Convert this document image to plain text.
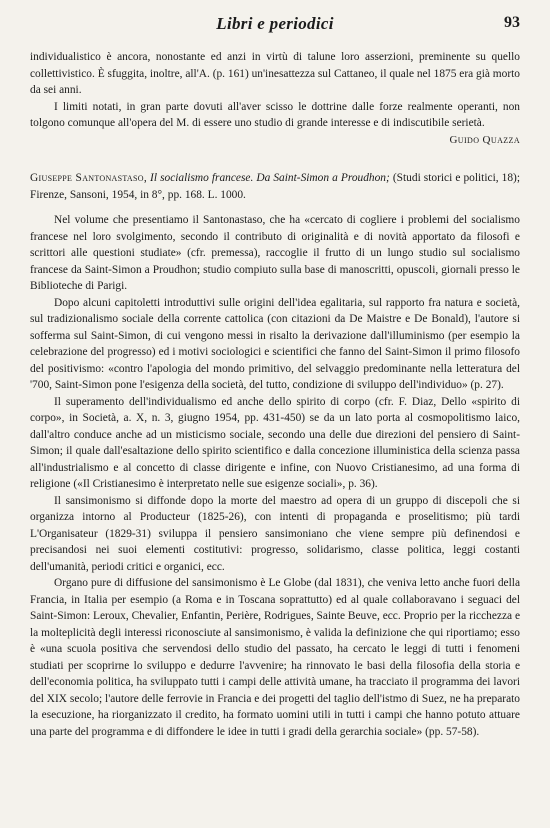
Libri e periodici	93

individualistico è ancora, nonostante ed anzi in virtù di talune loro asserzioni, preminente su quello collettivistico. È sfuggita, inoltre, all'A. (p. 161) un'inesattezza sul Cattaneo, il quale nel 1875 era già morto da sei anni.

I limiti notati, in gran parte dovuti all'aver scisso le dottrine dalle forze realmente operanti, non tolgono comunque all'opera del M. di essere uno studio di grande interesse e di indiscutibile serietà.

Guido Quazza

Giuseppe Santonastaso, Il socialismo francese. Da Saint-Simon a Proudhon; (Studi storici e politici, 18); Firenze, Sansoni, 1954, in 8°, pp. 168. L. 1000.

Nel volume che presentiamo il Santonastaso, che ha «cercato di cogliere i problemi del socialismo francese nel loro svolgimento, secondo il contributo di originalità e di novità apportato da filosofi e scrittori alle questioni studiate» (cfr. premessa), raccoglie il frutto di un lungo studio sul socialismo francese da Saint-Simon a Proudhon; studio compiuto sulla base di manoscritti, opuscoli, giornali presso le Biblioteche di Parigi.

Dopo alcuni capitoletti introduttivi sulle origini dell'idea egalitaria, sul rapporto fra natura e società, sul tradizionalismo sociale della corrente cattolica (con citazioni da De Maistre e De Bonald), l'autore si sofferma sul Saint-Simon, di cui vengono messi in risalto la derivazione dall'illuminismo (per esempio la celebrazione del progresso) ed i motivi sociologici e scientifici che fanno del Saint-Simon il primo filosofo del positivismo: «contro l'apologia del mondo primitivo, del selvaggio predominante nella letteratura del '700, Saint-Simon pone l'esigenza della società, del tutto, condizione di sviluppo dell'individuo» (p. 27).

Il superamento dell'individualismo ed anche dello spirito di corpo (cfr. F. Diaz, Dello «spirito di corpo», in Società, a. X, n. 3, giugno 1954, pp. 431-450) se da un lato porta al cosmopolitismo laico, dall'altro conduce anche ad un misticismo sociale, secondo una delle due direzioni del pensiero di Saint-Simon; il quale dall'esaltazione dello spirito scientifico e dalla concezione illuministica della scienza passa all'industrialismo e al concetto di classe dirigente e infine, con Nuovo Cristianesimo, ad una forma di religione («Il Cristianesimo è interpretato nelle sue esigenze sociali», p. 36).

Il sansimonismo si diffonde dopo la morte del maestro ad opera di un gruppo di discepoli che si organizza intorno al Producteur (1825-26), con intenti di propaganda e proselitismo; più tardi L'Organisateur (1829-31) sviluppa il pensiero sansimoniano che viene sempre più definendosi e precisandosi nei suoi elementi costitutivi: progresso, solidarismo, classe politica, leggi costanti dell'umanità, periodi critici e organici, ecc.

Organo pure di diffusione del sansimonismo è Le Globe (dal 1831), che veniva letto anche fuori della Francia, in Italia per esempio (a Roma e in Toscana soprattutto) ed al quale collaboravano i seguaci del Saint-Simon: Leroux, Chevalier, Enfantin, Perière, Rodrigues, Sainte Beuve, ecc. Proprio per la ricchezza e la molteplicità degli interessi riconosciute al sansimonismo, è valida la definizione che qui riportiamo; esso è «una scuola positiva che servendosi dello studio del passato, ha cercato le leggi di tutti i fenomeni studiati per scoprirne lo sviluppo e dedurre l'avvenire; ha rinnovato le basi della filosofia della storia e dell'economia politica, ha sviluppato tutti i campi delle attività umane, ha tracciato il programma dei lavori del XIX secolo; l'autore delle ferrovie in Francia e dei progetti del taglio dell'istmo di Suez, ne ha preparato la esecuzione, ha riorganizzato il credito, ha formato uomini utili in tutti i campi che hanno potuto attuare una parte del programma e di diffondere le idee in tutti i gradi della gerarchia sociale» (pp. 57-58).
